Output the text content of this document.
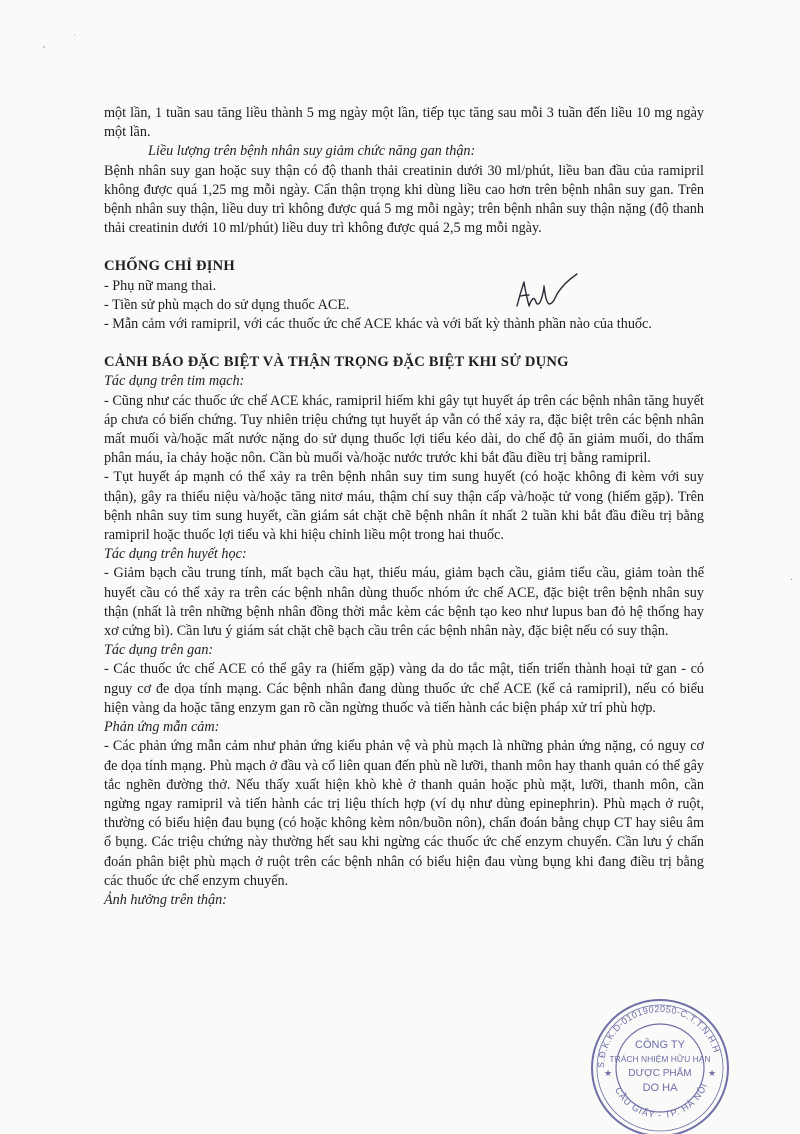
'
·
·

một lần, 1 tuần sau tăng liều thành 5 mg ngày một lần, tiếp tục tăng sau mỗi 3 tuần đến liều 10 mg ngày một lần.

Liều lượng trên bệnh nhân suy giảm chức năng gan thận:

Bệnh nhân suy gan hoặc suy thận có độ thanh thải creatinin dưới 30 ml/phút, liều ban đầu của ramipril không được quá 1,25 mg mỗi ngày. Cẩn thận trọng khi dùng liều cao hơn trên bệnh nhân suy gan. Trên bệnh nhân suy thận, liều duy trì không được quá 5 mg mỗi ngày; trên bệnh nhân suy thận nặng (độ thanh thải creatinin dưới 10 ml/phút) liều duy trì không được quá 2,5 mg mỗi ngày.

CHỐNG CHỈ ĐỊNH

- Phụ nữ mang thai.

- Tiền sử phù mạch do sử dụng thuốc ACE.

- Mẫn cảm với ramipril, với các thuốc ức chế ACE khác và với bất kỳ thành phần nào của thuốc.

CẢNH BÁO ĐẶC BIỆT VÀ THẬN TRỌNG ĐẶC BIỆT KHI SỬ DỤNG

Tác dụng trên tim mạch:

- Cũng như các thuốc ức chế ACE khác, ramipril hiếm khi gây tụt huyết áp trên các bệnh nhân tăng huyết áp chưa có biến chứng. Tuy nhiên triệu chứng tụt huyết áp vẫn có thể xảy ra, đặc biệt trên các bệnh nhân mất muối và/hoặc mất nước nặng do sử dụng thuốc lợi tiểu kéo dài, do chế độ ăn giảm muối, do thẩm phân máu, ỉa chảy hoặc nôn. Cần bù muối và/hoặc nước trước khi bắt đầu điều trị bằng ramipril.

- Tụt huyết áp mạnh có thể xảy ra trên bệnh nhân suy tim sung huyết (có hoặc không đi kèm với suy thận), gây ra thiểu niệu và/hoặc tăng nitơ máu, thậm chí suy thận cấp và/hoặc tử vong (hiếm gặp). Trên bệnh nhân suy tim sung huyết, cần giám sát chặt chẽ bệnh nhân ít nhất 2 tuần khi bắt đầu điều trị bằng ramipril hoặc thuốc lợi tiểu và khi hiệu chỉnh liều một trong hai thuốc.

Tác dụng trên huyết học:

- Giảm bạch cầu trung tính, mất bạch cầu hạt, thiếu máu, giảm bạch cầu, giảm tiểu cầu, giảm toàn thể huyết cầu có thể xảy ra trên các bệnh nhân dùng thuốc nhóm ức chế ACE, đặc biệt trên bệnh nhân suy thận (nhất là trên những bệnh nhân đồng thời mắc kèm các bệnh tạo keo như lupus ban đỏ hệ thống hay xơ cứng bì). Cần lưu ý giám sát chặt chẽ bạch cầu trên các bệnh nhân này, đặc biệt nếu có suy thận.

Tác dụng trên gan:

- Các thuốc ức chế ACE có thể gây ra (hiếm gặp) vàng da do tắc mật, tiến triển thành hoại tử gan - có nguy cơ đe dọa tính mạng. Các bệnh nhân đang dùng thuốc ức chế ACE (kể cả ramipril), nếu có biểu hiện vàng da hoặc tăng enzym gan rõ cần ngừng thuốc và tiến hành các biện pháp xử trí phù hợp.

Phản ứng mẫn cảm:

- Các phản ứng mẫn cảm như phản ứng kiểu phản vệ và phù mạch là những phản ứng nặng, có nguy cơ đe dọa tính mạng. Phù mạch ở đầu và cổ liên quan đến phù nề lưỡi, thanh môn hay thanh quản có thể gây tắc nghẽn đường thở. Nếu thấy xuất hiện khò khè ở thanh quản hoặc phù mặt, lưỡi, thanh môn, cần ngừng ngay ramipril và tiến hành các trị liệu thích hợp (ví dụ như dùng epinephrin). Phù mạch ở ruột, thường có biểu hiện đau bụng (có hoặc không kèm nôn/buồn nôn), chẩn đoán bằng chụp CT hay siêu âm ổ bụng. Các triệu chứng này thường hết sau khi ngừng các thuốc ức chế enzym chuyển. Cần lưu ý chẩn đoán phân biệt phù mạch ở ruột trên các bệnh nhân có biểu hiện đau vùng bụng khi đang điều trị bằng các thuốc ức chế enzym chuyển.

Ảnh hưởng trên thận:

S.Đ.K.K.D-0101902050-C.T.T.N.H.H
CẦU GIẤY - TP. HÀ NỘI
CÔNG TY
TRÁCH NHIỆM HỮU HẠN
DƯỢC PHẨM
DO HA
★	★
